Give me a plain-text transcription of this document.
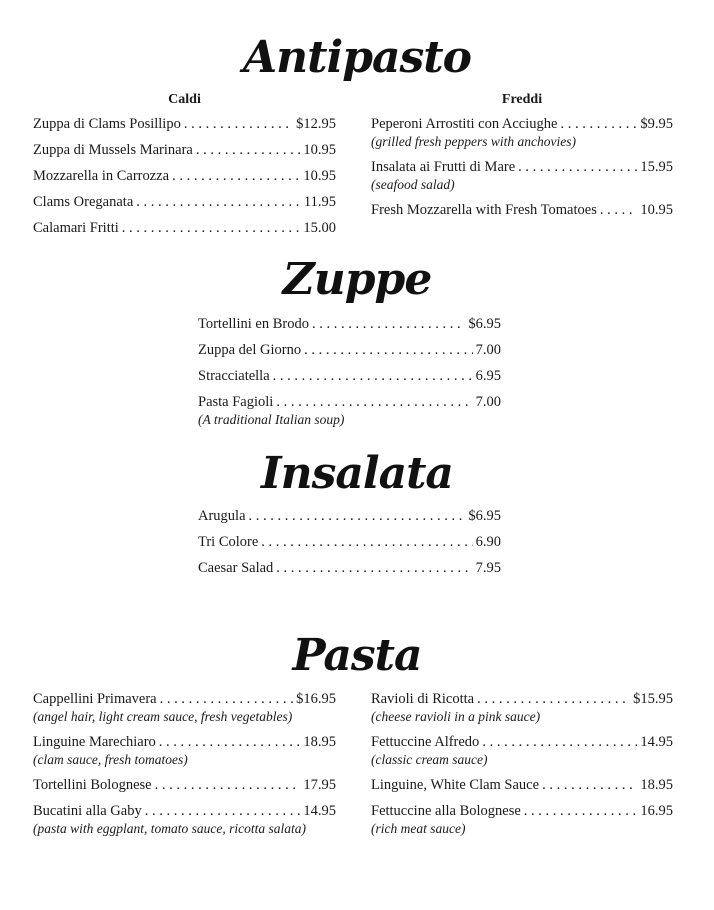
Antipasto
Caldi
Zuppa di Clams Posillipo . . .	$12.95
Zuppa di Mussels Marinara . . .	10.95
Mozzarella in Carrozza . . .	10.95
Clams Oreganata . . .	11.95
Calamari Fritti . . .	15.00
Freddi
Peperoni Arrostiti con Acciughe . . .	$9.95
(grilled fresh peppers with anchovies)
Insalata ai Frutti di Mare . . .	15.95
(seafood salad)
Fresh Mozzarella with Fresh Tomatoes . . .	10.95
Zuppe
Tortellini en Brodo . . .	$6.95
Zuppa del Giorno . . .	7.00
Stracciatella . . .	6.95
Pasta Fagioli . . .	7.00
(A traditional Italian soup)
Insalata
Arugula . . .	$6.95
Tri Colore . . .	6.90
Caesar Salad . . .	7.95
Pasta
Cappellini Primavera . . .	$16.95
(angel hair, light cream sauce, fresh vegetables)
Linguine Marechiaro . . .	18.95
(clam sauce, fresh tomatoes)
Tortellini Bolognese . . .	17.95
Bucatini alla Gaby . . .	14.95
(pasta with eggplant, tomato sauce, ricotta salata)
Ravioli di Ricotta . . .	$15.95
(cheese ravioli in a pink sauce)
Fettuccine Alfredo . . .	14.95
(classic cream sauce)
Linguine, White Clam Sauce . . .	18.95
Fettuccine alla Bolognese . . .	16.95
(rich meat sauce)
